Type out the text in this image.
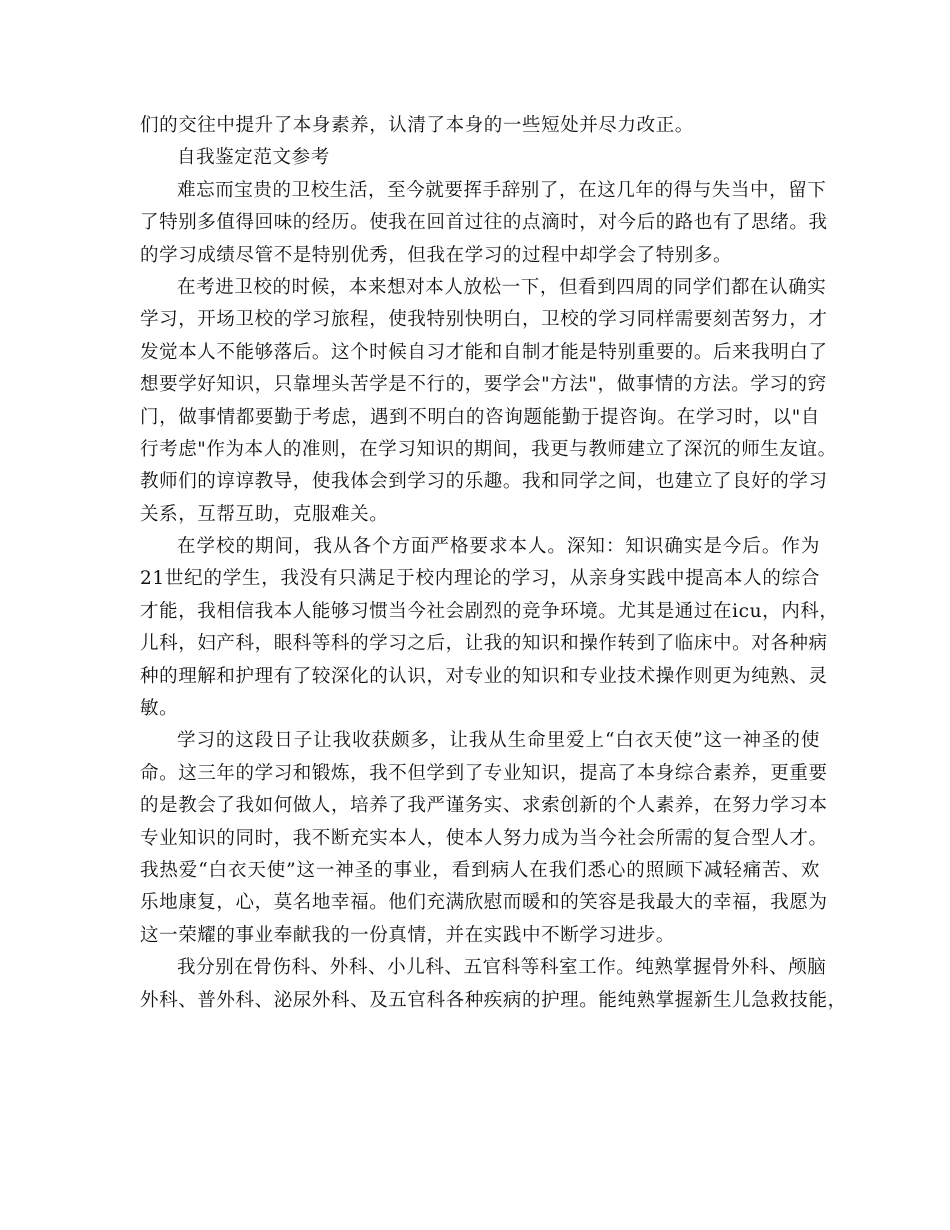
们的交往中提升了本身素养，认清了本身的一些短处并尽力改正。
自我鉴定范文参考
难忘而宝贵的卫校生活，至今就要挥手辞别了，在这几年的得与失当中，留下
了特别多值得回味的经历。使我在回首过往的点滴时，对今后的路也有了思绪。我
的学习成绩尽管不是特别优秀，但我在学习的过程中却学会了特别多。
在考进卫校的时候，本来想对本人放松一下，但看到四周的同学们都在认确实
学习，开场卫校的学习旅程，使我特别快明白，卫校的学习同样需要刻苦努力，才
发觉本人不能够落后。这个时候自习才能和自制才能是特别重要的。后来我明白了
想要学好知识，只靠埋头苦学是不行的，要学会"方法"，做事情的方法。学习的窍
门，做事情都要勤于考虑，遇到不明白的咨询题能勤于提咨询。在学习时，以"自
行考虑"作为本人的准则，在学习知识的期间，我更与教师建立了深沉的师生友谊。
教师们的谆谆教导，使我体会到学习的乐趣。我和同学之间，也建立了良好的学习
关系，互帮互助，克服难关。
在学校的期间，我从各个方面严格要求本人。深知：知识确实是今后。作为
21世纪的学生，我没有只满足于校内理论的学习，从亲身实践中提高本人的综合
才能，我相信我本人能够习惯当今社会剧烈的竞争环境。尤其是通过在icu，内科，
儿科，妇产科，眼科等科的学习之后，让我的知识和操作转到了临床中。对各种病
种的理解和护理有了较深化的认识，对专业的知识和专业技术操作则更为纯熟、灵
敏。
学习的这段日子让我收获颇多，让我从生命里爱上“白衣天使”这一神圣的使
命。这三年的学习和锻炼，我不但学到了专业知识，提高了本身综合素养，更重要
的是教会了我如何做人，培养了我严谨务实、求索创新的个人素养，在努力学习本
专业知识的同时，我不断充实本人，使本人努力成为当今社会所需的复合型人才。
我热爱“白衣天使”这一神圣的事业，看到病人在我们悉心的照顾下减轻痛苦、欢
乐地康复，心，莫名地幸福。他们充满欣慰而暖和的笑容是我最大的幸福，我愿为
这一荣耀的事业奉献我的一份真情，并在实践中不断学习进步。
我分别在骨伤科、外科、小儿科、五官科等科室工作。纯熟掌握骨外科、颅脑
外科、普外科、泌尿外科、及五官科各种疾病的护理。能纯熟掌握新生儿急救技能，
